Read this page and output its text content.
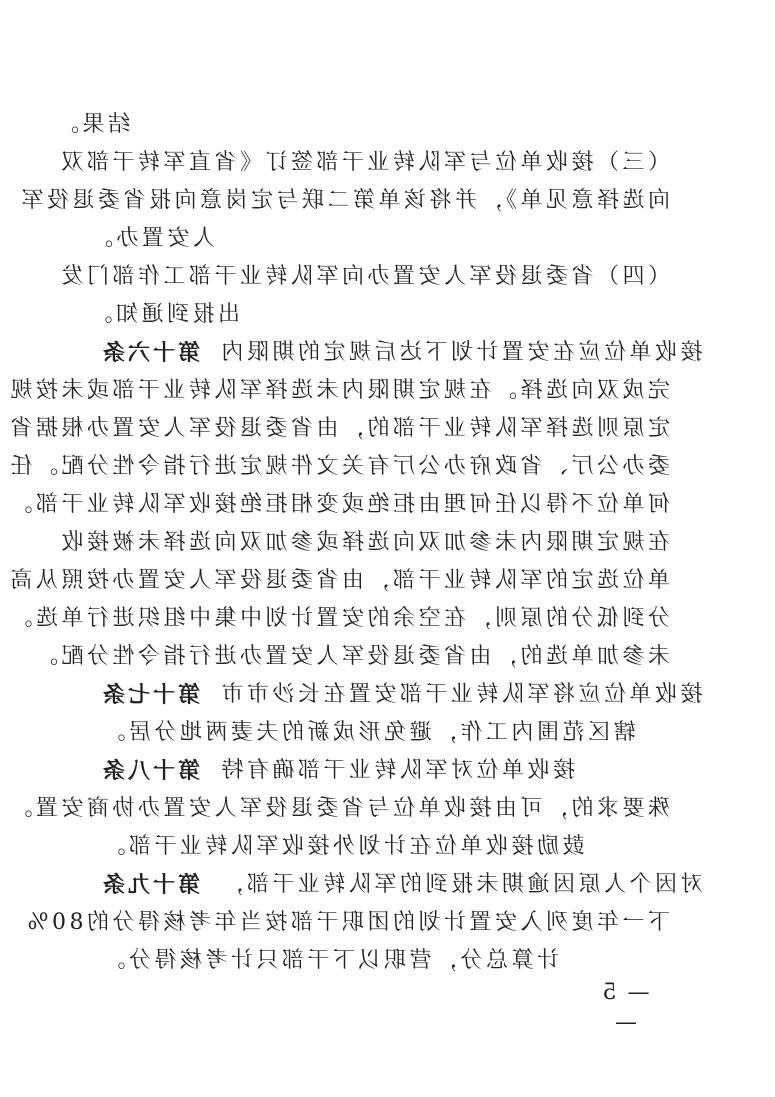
结果。
（三）接收单位与军队转业干部签订《省直军转干部双
向选择意见单》，并将该单第二联与定岗意向报省委退役军
人安置办。
（四）省委退役军人安置办向军队转业干部工作部门发
出报到通知。
接收单位应在安置计划下达后规定的期限内
第十六条
完成双向选择。在规定期限内未选择军队转业干部或未按规
定原则选择军队转业干部的，由省委退役军人安置办根据省
委办公厅、省政府办公厅有关文件规定进行指令性分配。任
何单位不得以任何理由拒绝或变相拒绝接收军队转业干部。
在规定期限内未参加双向选择或参加双向选择未被接收
单位选定的军队转业干部，由省委退役军人安置办按照从高
分到低分的原则，在空余的安置计划中集中组织进行单选。
未参加单选的，由省委退役军人安置办进行指令性分配。
接收单位应将军队转业干部安置在长沙市市
第十七条
辖区范围内工作，避免形成新的夫妻两地分居。
接收单位对军队转业干部确有特
第十八条
殊要求的，可由接收单位与省委退役军人安置办协商安置。
鼓励接收单位在计划外接收军队转业干部。
对因个人原因逾期未报到的军队转业干部，
第十九条
下一年度列入安置计划的团职干部按当年考核得分的80%
计算总分，营职以下干部只计考核得分。
— 5 —
